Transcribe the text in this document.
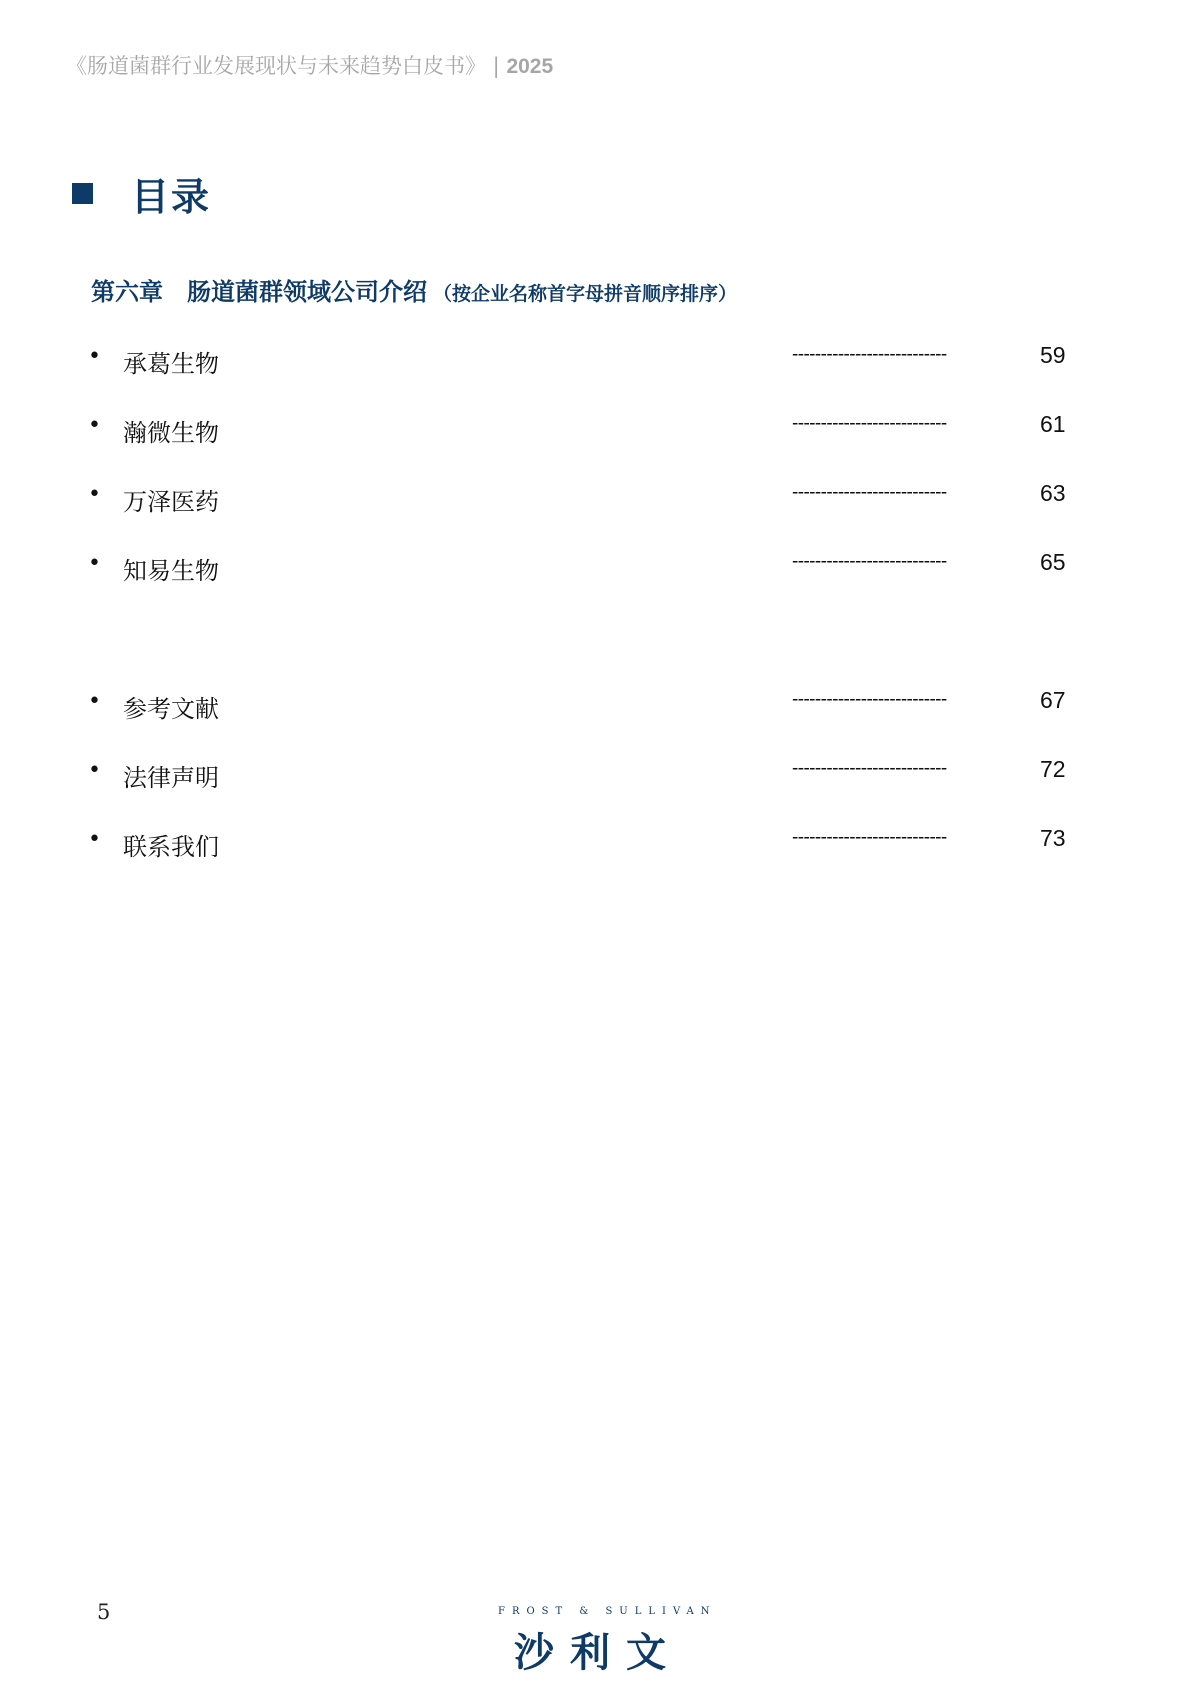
《肠道菌群行业发展现状与未来趋势白皮书》 | 2025
目录
第六章　肠道菌群领域公司介绍 （按企业名称首字母拼音顺序排序）
• 承葛生物	---------------------------	59
• 瀚微生物	---------------------------	61
• 万泽医药	---------------------------	63
• 知易生物	---------------------------	65
• 参考文献	---------------------------	67
• 法律声明	---------------------------	72
• 联系我们	---------------------------	73
5	FROST & SULLIVAN
沙利文
